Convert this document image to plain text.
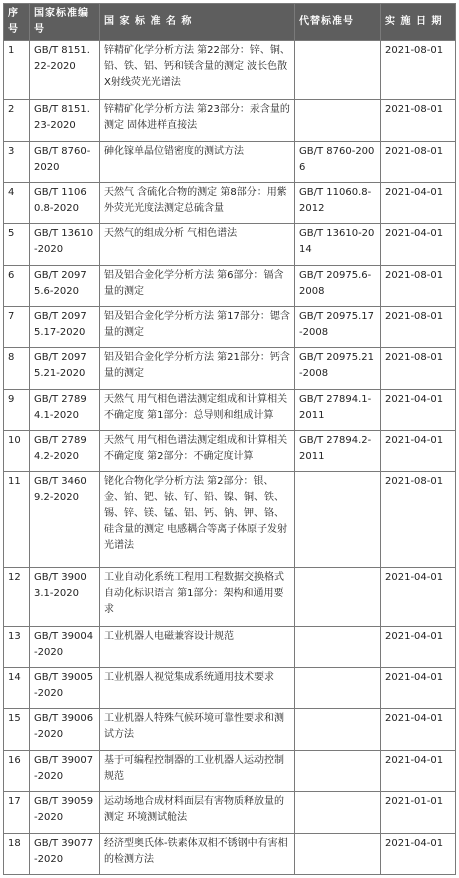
序号	国家标准编号	国 家 标 准 名 称	代替标准号	实 施 日 期
1	GB/T 8151.22-2020	锌精矿化学分析方法 第22部分：锌、铜、铅、铁、铝、钙和镁含量的测定 波长色散X射线荧光光谱法		2021-08-01
2	GB/T 8151.23-2020	锌精矿化学分析方法 第23部分：汞含量的测定 固体进样直接法		2021-08-01
3	GB/T 8760-2020	砷化镓单晶位错密度的测试方法	GB/T 8760-2006	2021-08-01
4	GB/T 11060.8-2020	天然气 含硫化合物的测定 第8部分：用紫外荧光光度法测定总硫含量	GB/T 11060.8-2012	2021-04-01
5	GB/T 13610-2020	天然气的组成分析 气相色谱法	GB/T 13610-2014	2021-04-01
6	GB/T 20975.6-2020	铝及铝合金化学分析方法 第6部分：镉含量的测定	GB/T 20975.6-2008	2021-08-01
7	GB/T 20975.17-2020	铝及铝合金化学分析方法 第17部分：锶含量的测定	GB/T 20975.17-2008	2021-08-01
8	GB/T 20975.21-2020	铝及铝合金化学分析方法 第21部分：钙含量的测定	GB/T 20975.21-2008	2021-08-01
9	GB/T 27894.1-2020	天然气 用气相色谱法测定组成和计算相关不确定度 第1部分：总导则和组成计算	GB/T 27894.1-2011	2021-04-01
10	GB/T 27894.2-2020	天然气 用气相色谱法测定组成和计算相关不确定度 第2部分：不确定度计算	GB/T 27894.2-2011	2021-04-01
11	GB/T 34609.2-2020	铑化合物化学分析方法 第2部分：银、金、铂、钯、铱、钌、铅、镍、铜、铁、锡、锌、镁、锰、铝、钙、钠、钾、铬、硅含量的测定 电感耦合等离子体原子发射光谱法		2021-08-01
12	GB/T 39003.1-2020	工业自动化系统工程用工程数据交换格式 自动化标识语言 第1部分：架构和通用要求		2021-04-01
13	GB/T 39004-2020	工业机器人电磁兼容设计规范		2021-04-01
14	GB/T 39005-2020	工业机器人视觉集成系统通用技术要求		2021-04-01
15	GB/T 39006-2020	工业机器人特殊气候环境可靠性要求和测试方法		2021-04-01
16	GB/T 39007-2020	基于可编程控制器的工业机器人运动控制规范		2021-04-01
17	GB/T 39059-2020	运动场地合成材料面层有害物质释放量的测定 环境测试舱法		2021-01-01
18	GB/T 39077-2020	经济型奥氏体-铁素体双相不锈钢中有害相的检测方法		2021-04-01
